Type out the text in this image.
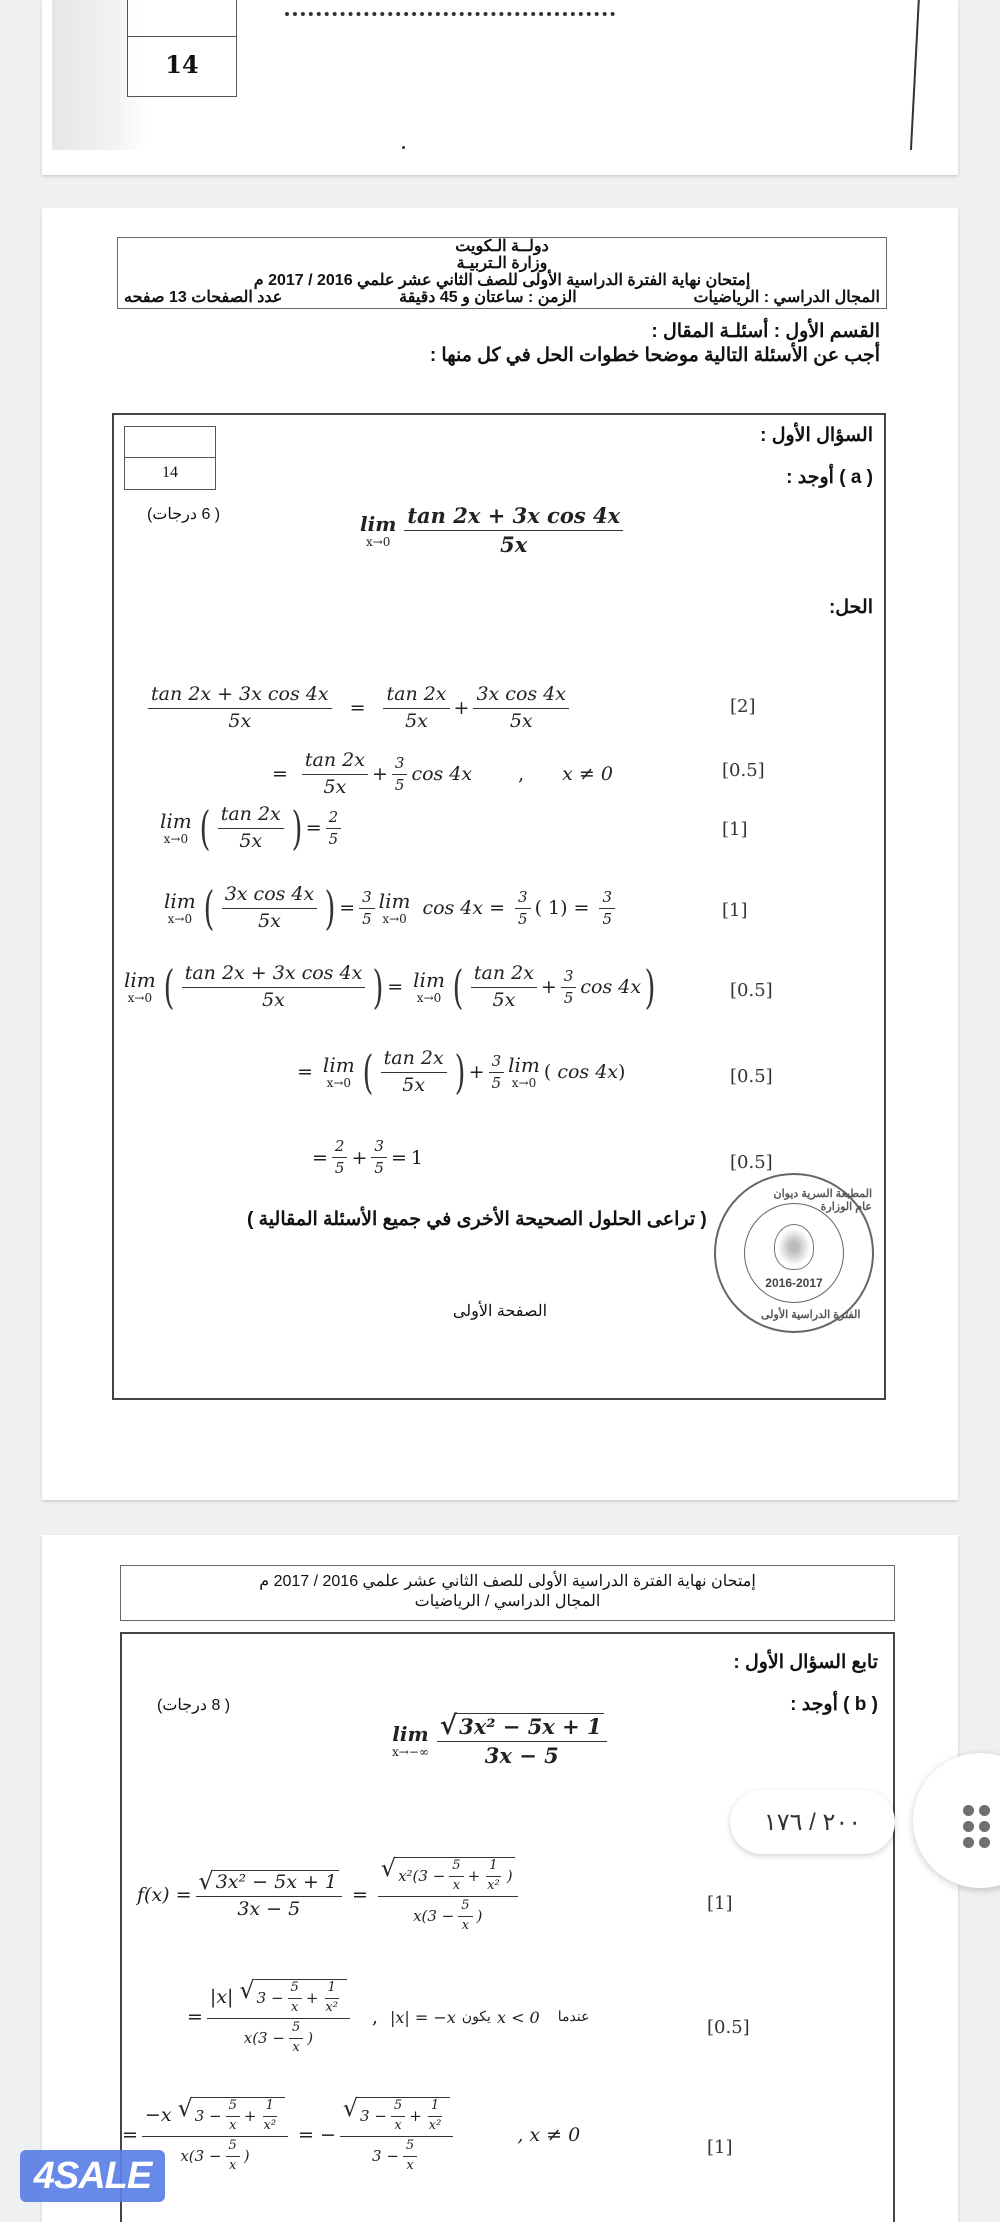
14
دولــة الـكويت
وزارة الـتربيـة
إمتحان نهاية الفترة الدراسية الأولى للصف الثاني عشر علمي 2016 / 2017 م
المجال الدراسي : الرياضيات
الزمن : ساعتان و 45 دقيقة
عدد الصفحات 13 صفحه
القسم الأول : أسئلـة المقال :
أجب عن الأسئلة التالية موضحا خطوات الحل في كل منها :
14
السؤال الأول :
( a ) أوجد :
( 6 درجات)	lim
$x\to 0 \frac{\text{tan 2x + 3x cos 4x}}{5x}$
الحل:
$\frac{\text{tan 2x + 3x cos 4x}}{5x} = \frac{\tan 2x}{5x} + \frac{\text{3x cos 4x}}{5x}$	[2]
= $\frac{\tan 2x}{5x} + \frac{3}{5}$ cos 4x , x ≠ 0	[0.5]
lim
x→0 ( $\frac{\tan 2x}{5x}$ ) = $\frac{2}{5}$	[1]
lim
x→0 ( $\frac{\text{3x cos 4x}}{5x}$ ) = $\frac{3}{5}$ lim
x→0 $\cos 4x = \frac{3}{5}$ ( $1) = \frac{3}{5}$	[1]
lim
x→0 ( $\frac{\text{tan 2x + 3x cos 4x}}{5x}$ ) = lim
x→0 ( $\frac{\tan 2x}{5x} + \frac{3}{5}$ cos 4x )	[0.5]
= lim
x→0 ( $\frac{\tan 2x}{5x}$ ) + $\frac{3}{5}$ lim
x→0 ( cos 4x )	[0.5]
= $\frac{2}{5} + \frac{3}{5} = 1$	[0.5]
( تراعى الحلول الصحيحة الأخرى في جميع الأسئلة المقالية )
المطبعة السرية ديوان عام الوزارة
2016-2017
الفترة الدراسية الأولى
الصفحة الأولى
إمتحان نهاية الفترة الدراسية الأولى للصف الثاني عشر علمي 2016 / 2017 م
المجال الدراسي / الرياضيات
تابع السؤال الأول :
( b ) أوجد :
( 8 درجات)
lim
$x\to-\infty \frac{\text{√ 3x² − 5x + 1}}{3x - 5}$
$f(x) = \frac{\text{√ 3x² − 5x + 1}}{3x - 5} = \frac{√ x^2(3 - \frac{5}{x} + \frac{1}{\text{x²}} )}{x(3 - \frac{5}{x} )}$	[1]
= |x|
√ $3 - \frac{5}{x} + \frac{1}{\text{x²}}$
$x(3 - \frac{5}{x}$ ) , |x| = −x يكون x < 0 عندما	[0.5]
= −x
√ $3 - \frac{5}{x} + \frac{1}{\text{x²}}$
$x(3 - \frac{5}{x}$ ) = − $\frac{√ 3 - \frac{5}{x} + \frac{1}{\text{x²}}}{3 - \frac{5}{x}}$	, x ≠ 0
[1]
٢٠٠ / ١٧٦
4SALE
